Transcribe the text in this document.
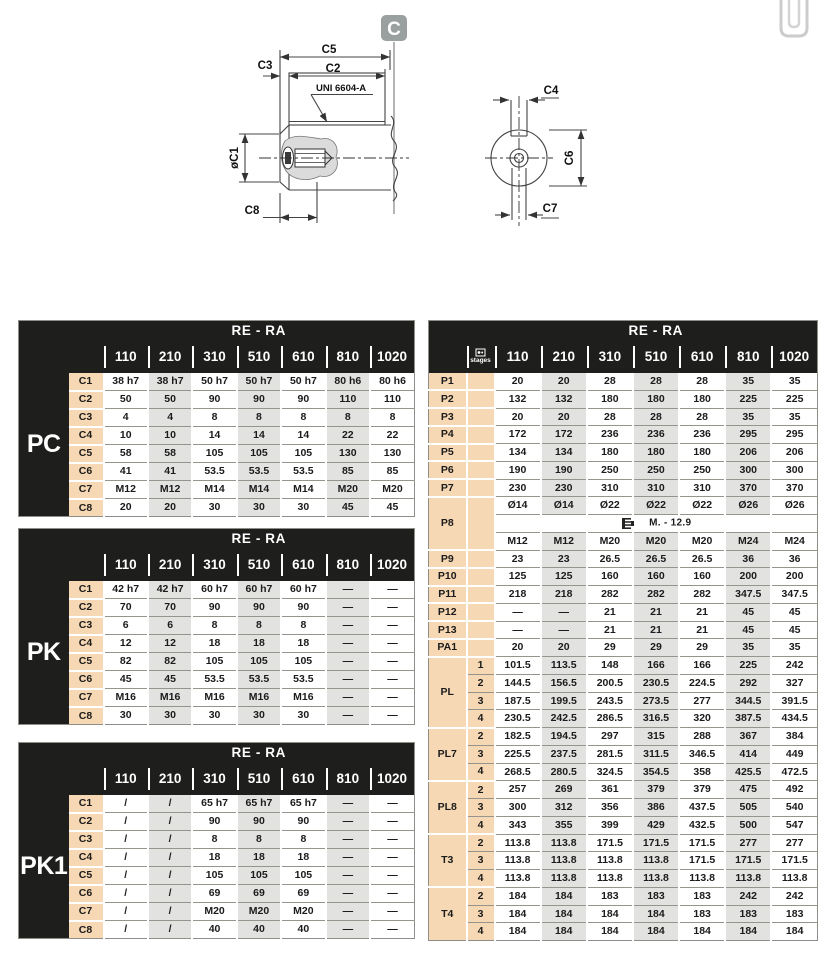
C
C5
C2
C3
øC1
C8
C4
C6
C7
UNI 6604-A
		RE - RA						
		110	210	310	510	610	810	1020
PC	C1	38 h7	38 h7	50 h7	50 h7	50 h7	80 h6	80 h6
	C2	50	50	90	90	90	110	110
	C3	4	4	8	8	8	8	8
	C4	10	10	14	14	14	22	22
	C5	58	58	105	105	105	130	130
	C6	41	41	53.5	53.5	53.5	85	85
	C7	M12	M12	M14	M14	M14	M20	M20
	C8	20	20	30	30	30	45	45
		RE - RA						
		110	210	310	510	610	810	1020
PK	C1	42 h7	42 h7	60 h7	60 h7	60 h7	—	—
	C2	70	70	90	90	90	—	—
	C3	6	6	8	8	8	—	—
	C4	12	12	18	18	18	—	—
	C5	82	82	105	105	105	—	—
	C6	45	45	53.5	53.5	53.5	—	—
	C7	M16	M16	M16	M16	M16	—	—
	C8	30	30	30	30	30	—	—
		RE - RA						
		110	210	310	510	610	810	1020
PK1	C1	/	/	65 h7	65 h7	65 h7	—	—
	C2	/	/	90	90	90	—	—
	C3	/	/	8	8	8	—	—
	C4	/	/	18	18	18	—	—
	C5	/	/	105	105	105	—	—
	C6	/	/	69	69	69	—	—
	C7	/	/	M20	M20	M20	—	—
	C8	/	/	40	40	40	—	—
		RE - RA						

	stages	110	210	310	510	610	810	1020
P1		20	20	28	28	28	35	35
P2		132	132	180	180	180	225	225
P3		20	20	28	28	28	35	35
P4		172	172	236	236	236	295	295
P5		134	134	180	180	180	206	206
P6		190	190	250	250	250	300	300
P7		230	230	310	310	310	370	370
P8		Ø14	Ø14	Ø22	Ø22	Ø22	Ø26	Ø26
		M. - 12.9						
		M12	M12	M20	M20	M20	M24	M24
P9		23	23	26.5	26.5	26.5	36	36
P10		125	125	160	160	160	200	200
P11		218	218	282	282	282	347.5	347.5
P12		—	—	21	21	21	45	45
P13		—	—	21	21	21	45	45
PA1		20	20	29	29	29	35	35
PL	1	101.5	113.5	148	166	166	225	242
	2	144.5	156.5	200.5	230.5	224.5	292	327
	3	187.5	199.5	243.5	273.5	277	344.5	391.5
	4	230.5	242.5	286.5	316.5	320	387.5	434.5
PL7	2	182.5	194.5	297	315	288	367	384
	3	225.5	237.5	281.5	311.5	346.5	414	449
	4	268.5	280.5	324.5	354.5	358	425.5	472.5
PL8	2	257	269	361	379	379	475	492
	3	300	312	356	386	437.5	505	540
	4	343	355	399	429	432.5	500	547
T3	2	113.8	113.8	171.5	171.5	171.5	277	277
	3	113.8	113.8	113.8	113.8	171.5	171.5	171.5
	4	113.8	113.8	113.8	113.8	113.8	113.8	113.8
T4	2	184	184	183	183	183	242	242
	3	184	184	184	184	183	183	183
	4	184	184	184	184	184	184	184
